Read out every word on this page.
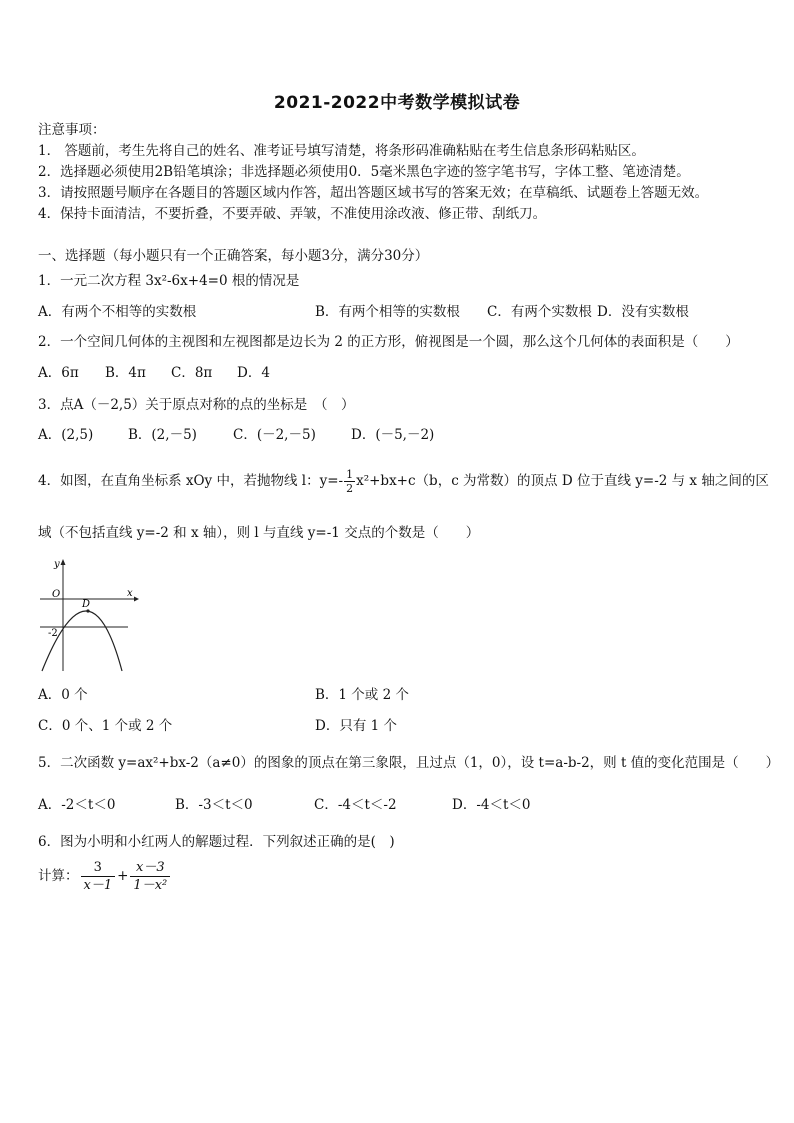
2021-2022中考数学模拟试卷
注意事项：
1． 答题前，考生先将自己的姓名、准考证号填写清楚，将条形码准确粘贴在考生信息条形码粘贴区。
2．选择题必须使用2B铅笔填涂；非选择题必须使用0．5毫米黑色字迹的签字笔书写，字体工整、笔迹清楚。
3．请按照题号顺序在各题目的答题区域内作答，超出答题区域书写的答案无效；在草稿纸、试题卷上答题无效。
4．保持卡面清洁，不要折叠，不要弄破、弄皱，不准使用涂改液、修正带、刮纸刀。
一、选择题（每小题只有一个正确答案，每小题3分，满分30分）
1．一元二次方程 3x²-6x+4=0 根的情况是
A．有两个不相等的实数根	B．有两个相等的实数根 C．有两个实数根 D．没有实数根
2．一个空间几何体的主视图和左视图都是边长为 2 的正方形，俯视图是一个圆，那么这个几何体的表面积是（　　）
A．6π B．4π C．8π D．4
3．点A（－2,5）关于原点对称的点的坐标是　（　）
A．(2,5)	B．(2,－5)	C．(－2,－5)	D．(－5,－2)
4．如图，在直角坐标系 xOy 中，若抛物线 l：$y=- \frac{1}{2} x^2+bx+c(b$，c 为常数）的顶点 D 位于直线 y=-2 与 x 轴之间的区
域（不包括直线 y=-2 和 x 轴），则 l 与直线 y=-1 交点的个数是（　　）
y
x
O
D
-2
A．0 个	B．1 个或 2 个
C．0 个、1 个或 2 个	D．只有 1 个
5．二次函数 y=ax²+bx-2（a≠0）的图象的顶点在第三象限，且过点（1，0），设 t=a-b-2，则 t 值的变化范围是（　　）
A．-2＜t＜0	B．-3＜t＜0	C．-4＜t＜-2	D．-4＜t＜0
6．图为小明和小红两人的解题过程．下列叙述正确的是(　)
计算： $\frac{3}{x-1} + \frac{x-3}{\text{1－x²}}$
